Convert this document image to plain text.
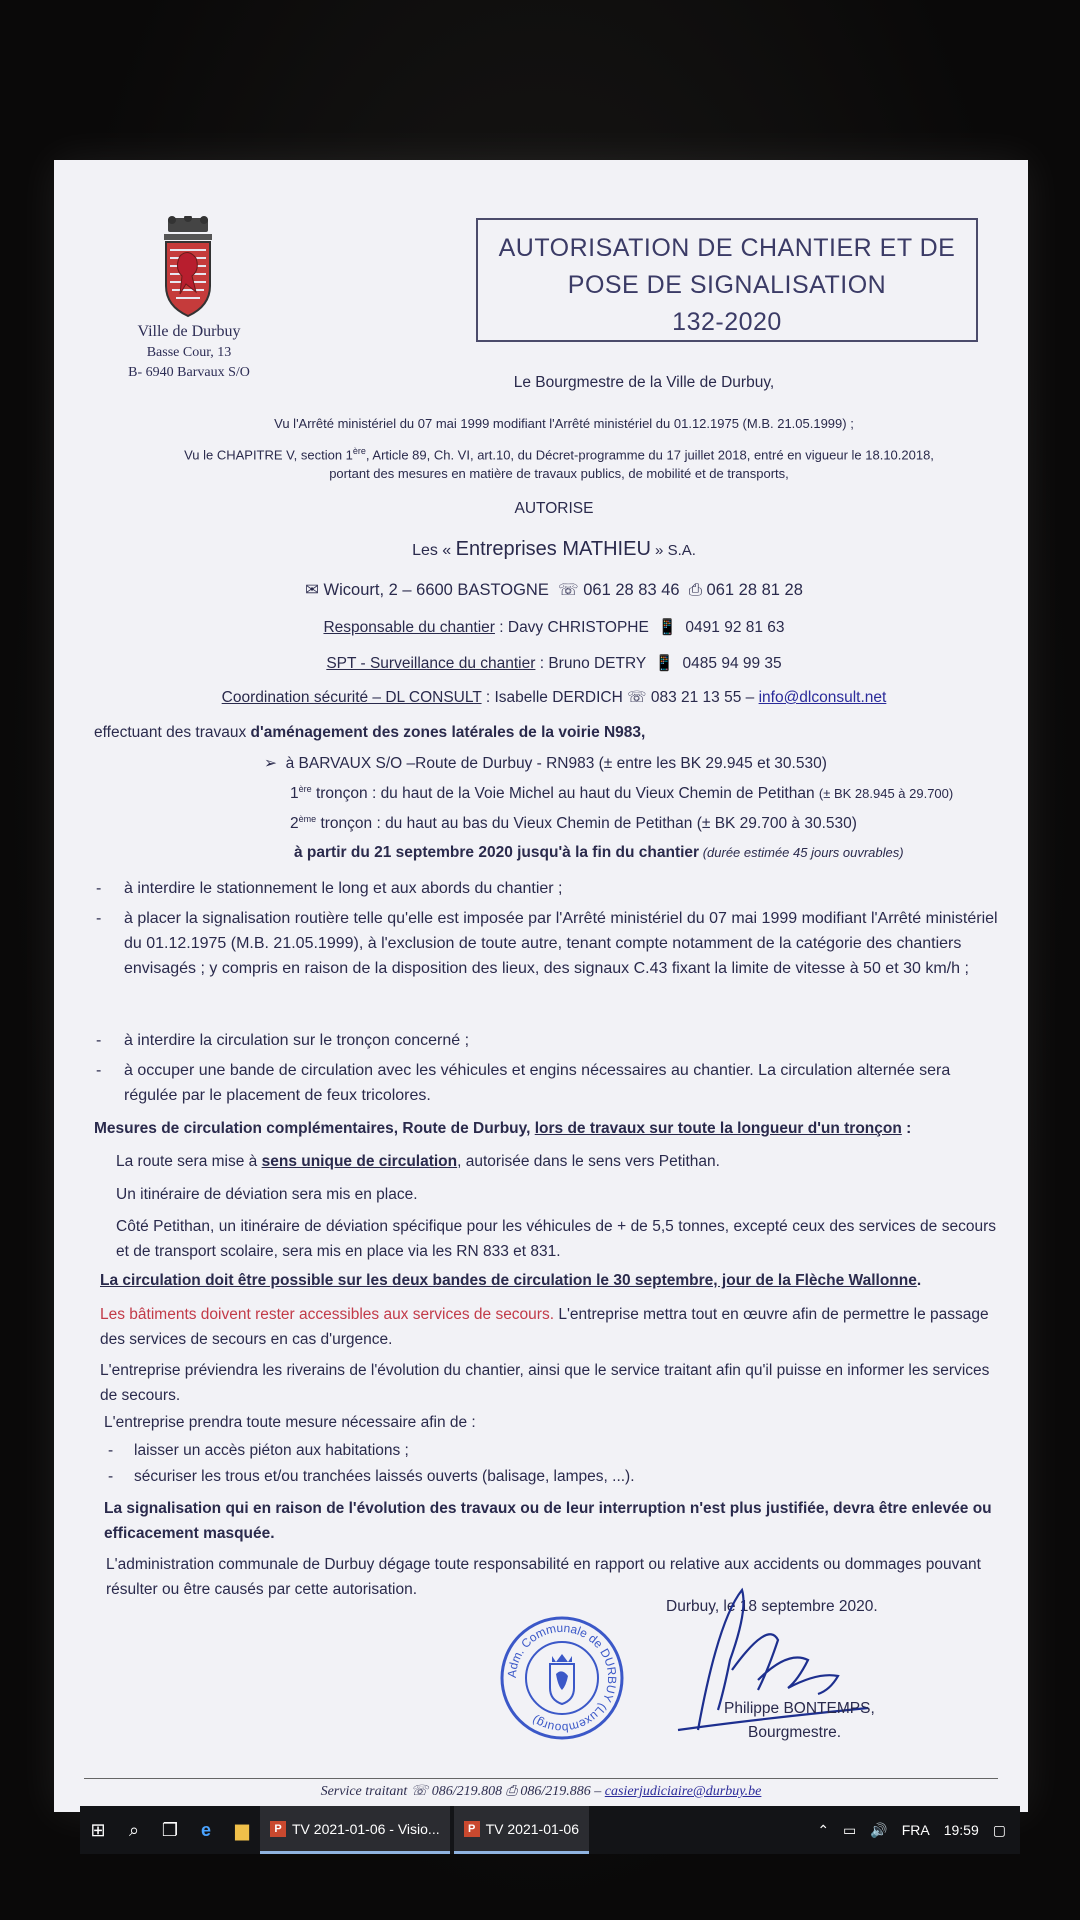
Ville de Durbuy
Basse Cour, 13
B- 6940 Barvaux S/O
AUTORISATION DE CHANTIER ET DE
POSE DE SIGNALISATION
132-2020
Le Bourgmestre de la Ville de Durbuy,
Vu l'Arrêté ministériel du 07 mai 1999 modifiant l'Arrêté ministériel du 01.12.1975 (M.B. 21.05.1999) ;
Vu le CHAPITRE V, section 1ère, Article 89, Ch. VI, art.10, du Décret-programme du 17 juillet 2018, entré en vigueur le 18.10.2018,
portant des mesures en matière de travaux publics, de mobilité et de transports,
AUTORISE
Les « Entreprises MATHIEU » S.A.
✉ Wicourt, 2 – 6600 BASTOGNE ☏ 061 28 83 46 ⎙ 061 28 81 28
Responsable du chantier : Davy CHRISTOPHE 📱 0491 92 81 63
SPT - Surveillance du chantier : Bruno DETRY 📱 0485 94 99 35
Coordination sécurité – DL CONSULT : Isabelle DERDICH ☏ 083 21 13 55 – info@dlconsult.net
effectuant des travaux d'aménagement des zones latérales de la voirie N983,
➢ à BARVAUX S/O –Route de Durbuy - RN983 (± entre les BK 29.945 et 30.530)
1ère tronçon : du haut de la Voie Michel au haut du Vieux Chemin de Petithan (± BK 28.945 à 29.700)
2ème tronçon : du haut au bas du Vieux Chemin de Petithan (± BK 29.700 à 30.530)
à partir du 21 septembre 2020 jusqu'à la fin du chantier (durée estimée 45 jours ouvrables)
- à interdire le stationnement le long et aux abords du chantier ;
- à placer la signalisation routière telle qu'elle est imposée par l'Arrêté ministériel du 07 mai 1999 modifiant l'Arrêté ministériel du 01.12.1975 (M.B. 21.05.1999), à l'exclusion de toute autre, tenant compte notamment de la catégorie des chantiers envisagés ; y compris en raison de la disposition des lieux, des signaux C.43 fixant la limite de vitesse à 50 et 30 km/h ;
- à interdire la circulation sur le tronçon concerné ;
- à occuper une bande de circulation avec les véhicules et engins nécessaires au chantier. La circulation alternée sera régulée par le placement de feux tricolores.
Mesures de circulation complémentaires, Route de Durbuy, lors de travaux sur toute la longueur d'un tronçon :
La route sera mise à sens unique de circulation, autorisée dans le sens vers Petithan.
Un itinéraire de déviation sera mis en place.
Côté Petithan, un itinéraire de déviation spécifique pour les véhicules de + de 5,5 tonnes, excepté ceux des services de secours et de transport scolaire, sera mis en place via les RN 833 et 831.
La circulation doit être possible sur les deux bandes de circulation le 30 septembre, jour de la Flèche Wallonne.
Les bâtiments doivent rester accessibles aux services de secours. L'entreprise mettra tout en œuvre afin de permettre le passage des services de secours en cas d'urgence.
L'entreprise préviendra les riverains de l'évolution du chantier, ainsi que le service traitant afin qu'il puisse en informer les services de secours.
L'entreprise prendra toute mesure nécessaire afin de :
- laisser un accès piéton aux habitations ;
- sécuriser les trous et/ou tranchées laissés ouverts (balisage, lampes, ...).
La signalisation qui en raison de l'évolution des travaux ou de leur interruption n'est plus justifiée, devra être enlevée ou efficacement masquée.
L'administration communale de Durbuy dégage toute responsabilité en rapport ou relative aux accidents ou dommages pouvant résulter ou être causés par cette autorisation.
Durbuy, le 18 septembre 2020.
Adm. Communale de DURBUY (Luxembourg)
Philippe BONTEMPS,
Bourgmestre.
Service traitant ☏ 086/219.808 ⎙ 086/219.886 – casierjudiciaire@durbuy.be
⊞	⌕	❐	e	▆	P TV 2021-01-06 - Visio...	P TV 2021-01-06	⌃ ▭ 🔊 FRA 19:59 ▢
